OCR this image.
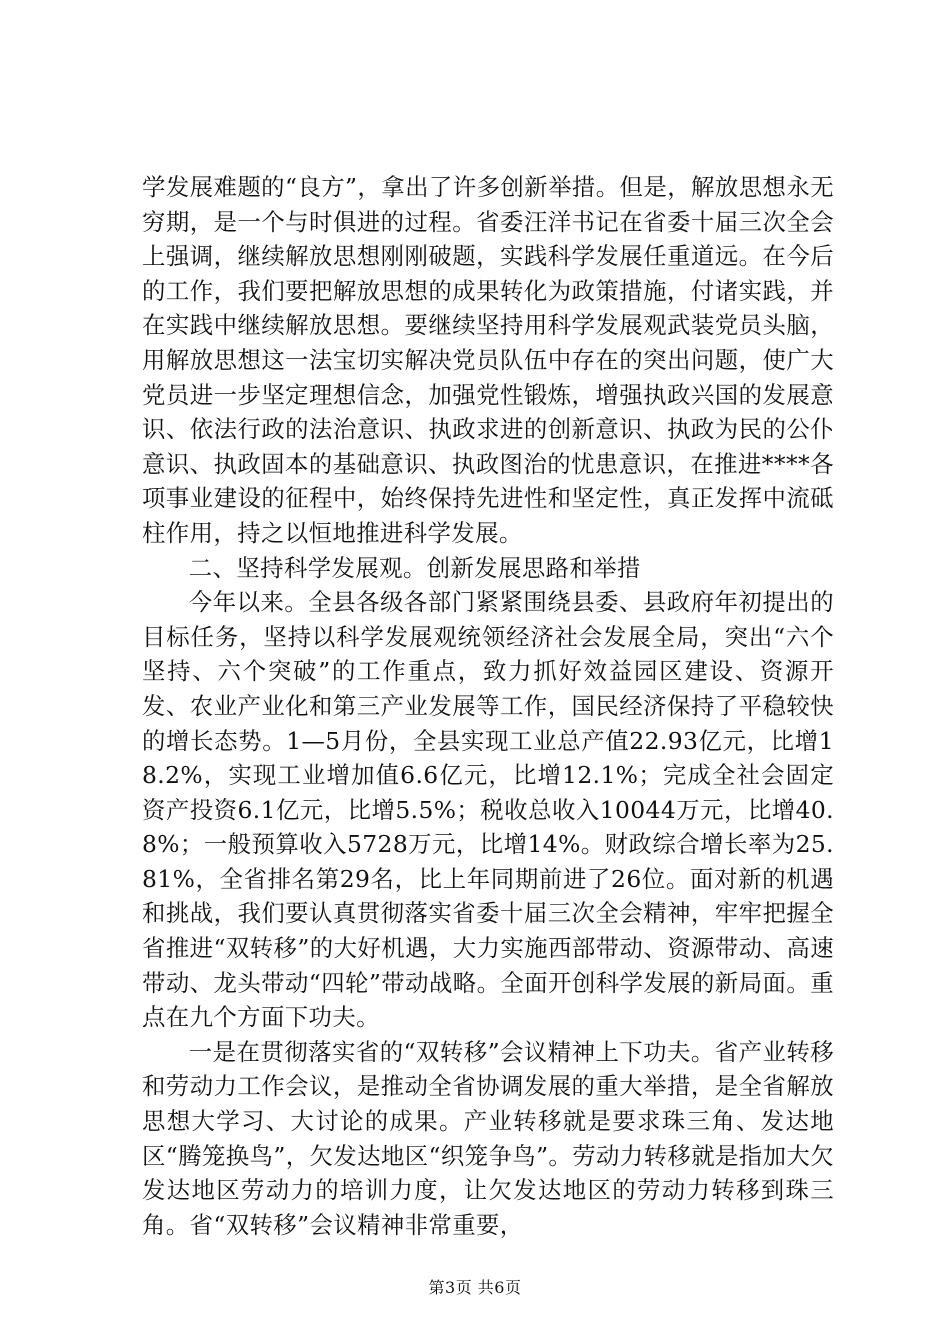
学发展难题的“良方”，拿出了许多创新举措。但是，解放思想永无穷期，是一个与时俱进的过程。省委汪洋书记在省委十届三次全会上强调，继续解放思想刚刚破题，实践科学发展任重道远。在今后的工作，我们要把解放思想的成果转化为政策措施，付诸实践，并在实践中继续解放思想。要继续坚持用科学发展观武装党员头脑，用解放思想这一法宝切实解决党员队伍中存在的突出问题，使广大党员进一步坚定理想信念，加强党性锻炼，增强执政兴国的发展意识、依法行政的法治意识、执政求进的创新意识、执政为民的公仆意识、执政固本的基础意识、执政图治的忧患意识，在推进****各项事业建设的征程中，始终保持先进性和坚定性，真正发挥中流砥柱作用，持之以恒地推进科学发展。

二、坚持科学发展观。创新发展思路和举措

今年以来。全县各级各部门紧紧围绕县委、县政府年初提出的目标任务，坚持以科学发展观统领经济社会发展全局，突出“六个坚持、六个突破”的工作重点，致力抓好效益园区建设、资源开发、农业产业化和第三产业发展等工作，国民经济保持了平稳较快的增长态势。1—5月份，全县实现工业总产值22.93亿元，比增18.2%，实现工业增加值6.6亿元，比增12.1%；完成全社会固定资产投资6.1亿元，比增5.5%；税收总收入10044万元，比增40.8%；一般预算收入5728万元，比增14%。财政综合增长率为25.81%，全省排名第29名，比上年同期前进了26位。面对新的机遇和挑战，我们要认真贯彻落实省委十届三次全会精神，牢牢把握全省推进“双转移”的大好机遇，大力实施西部带动、资源带动、高速带动、龙头带动“四轮”带动战略。全面开创科学发展的新局面。重点在九个方面下功夫。

一是在贯彻落实省的“双转移”会议精神上下功夫。省产业转移和劳动力工作会议，是推动全省协调发展的重大举措，是全省解放思想大学习、大讨论的成果。产业转移就是要求珠三角、发达地区“腾笼换鸟”，欠发达地区“织笼争鸟”。劳动力转移就是指加大欠发达地区劳动力的培训力度，让欠发达地区的劳动力转移到珠三角。省“双转移”会议精神非常重要，

第3页 共6页
